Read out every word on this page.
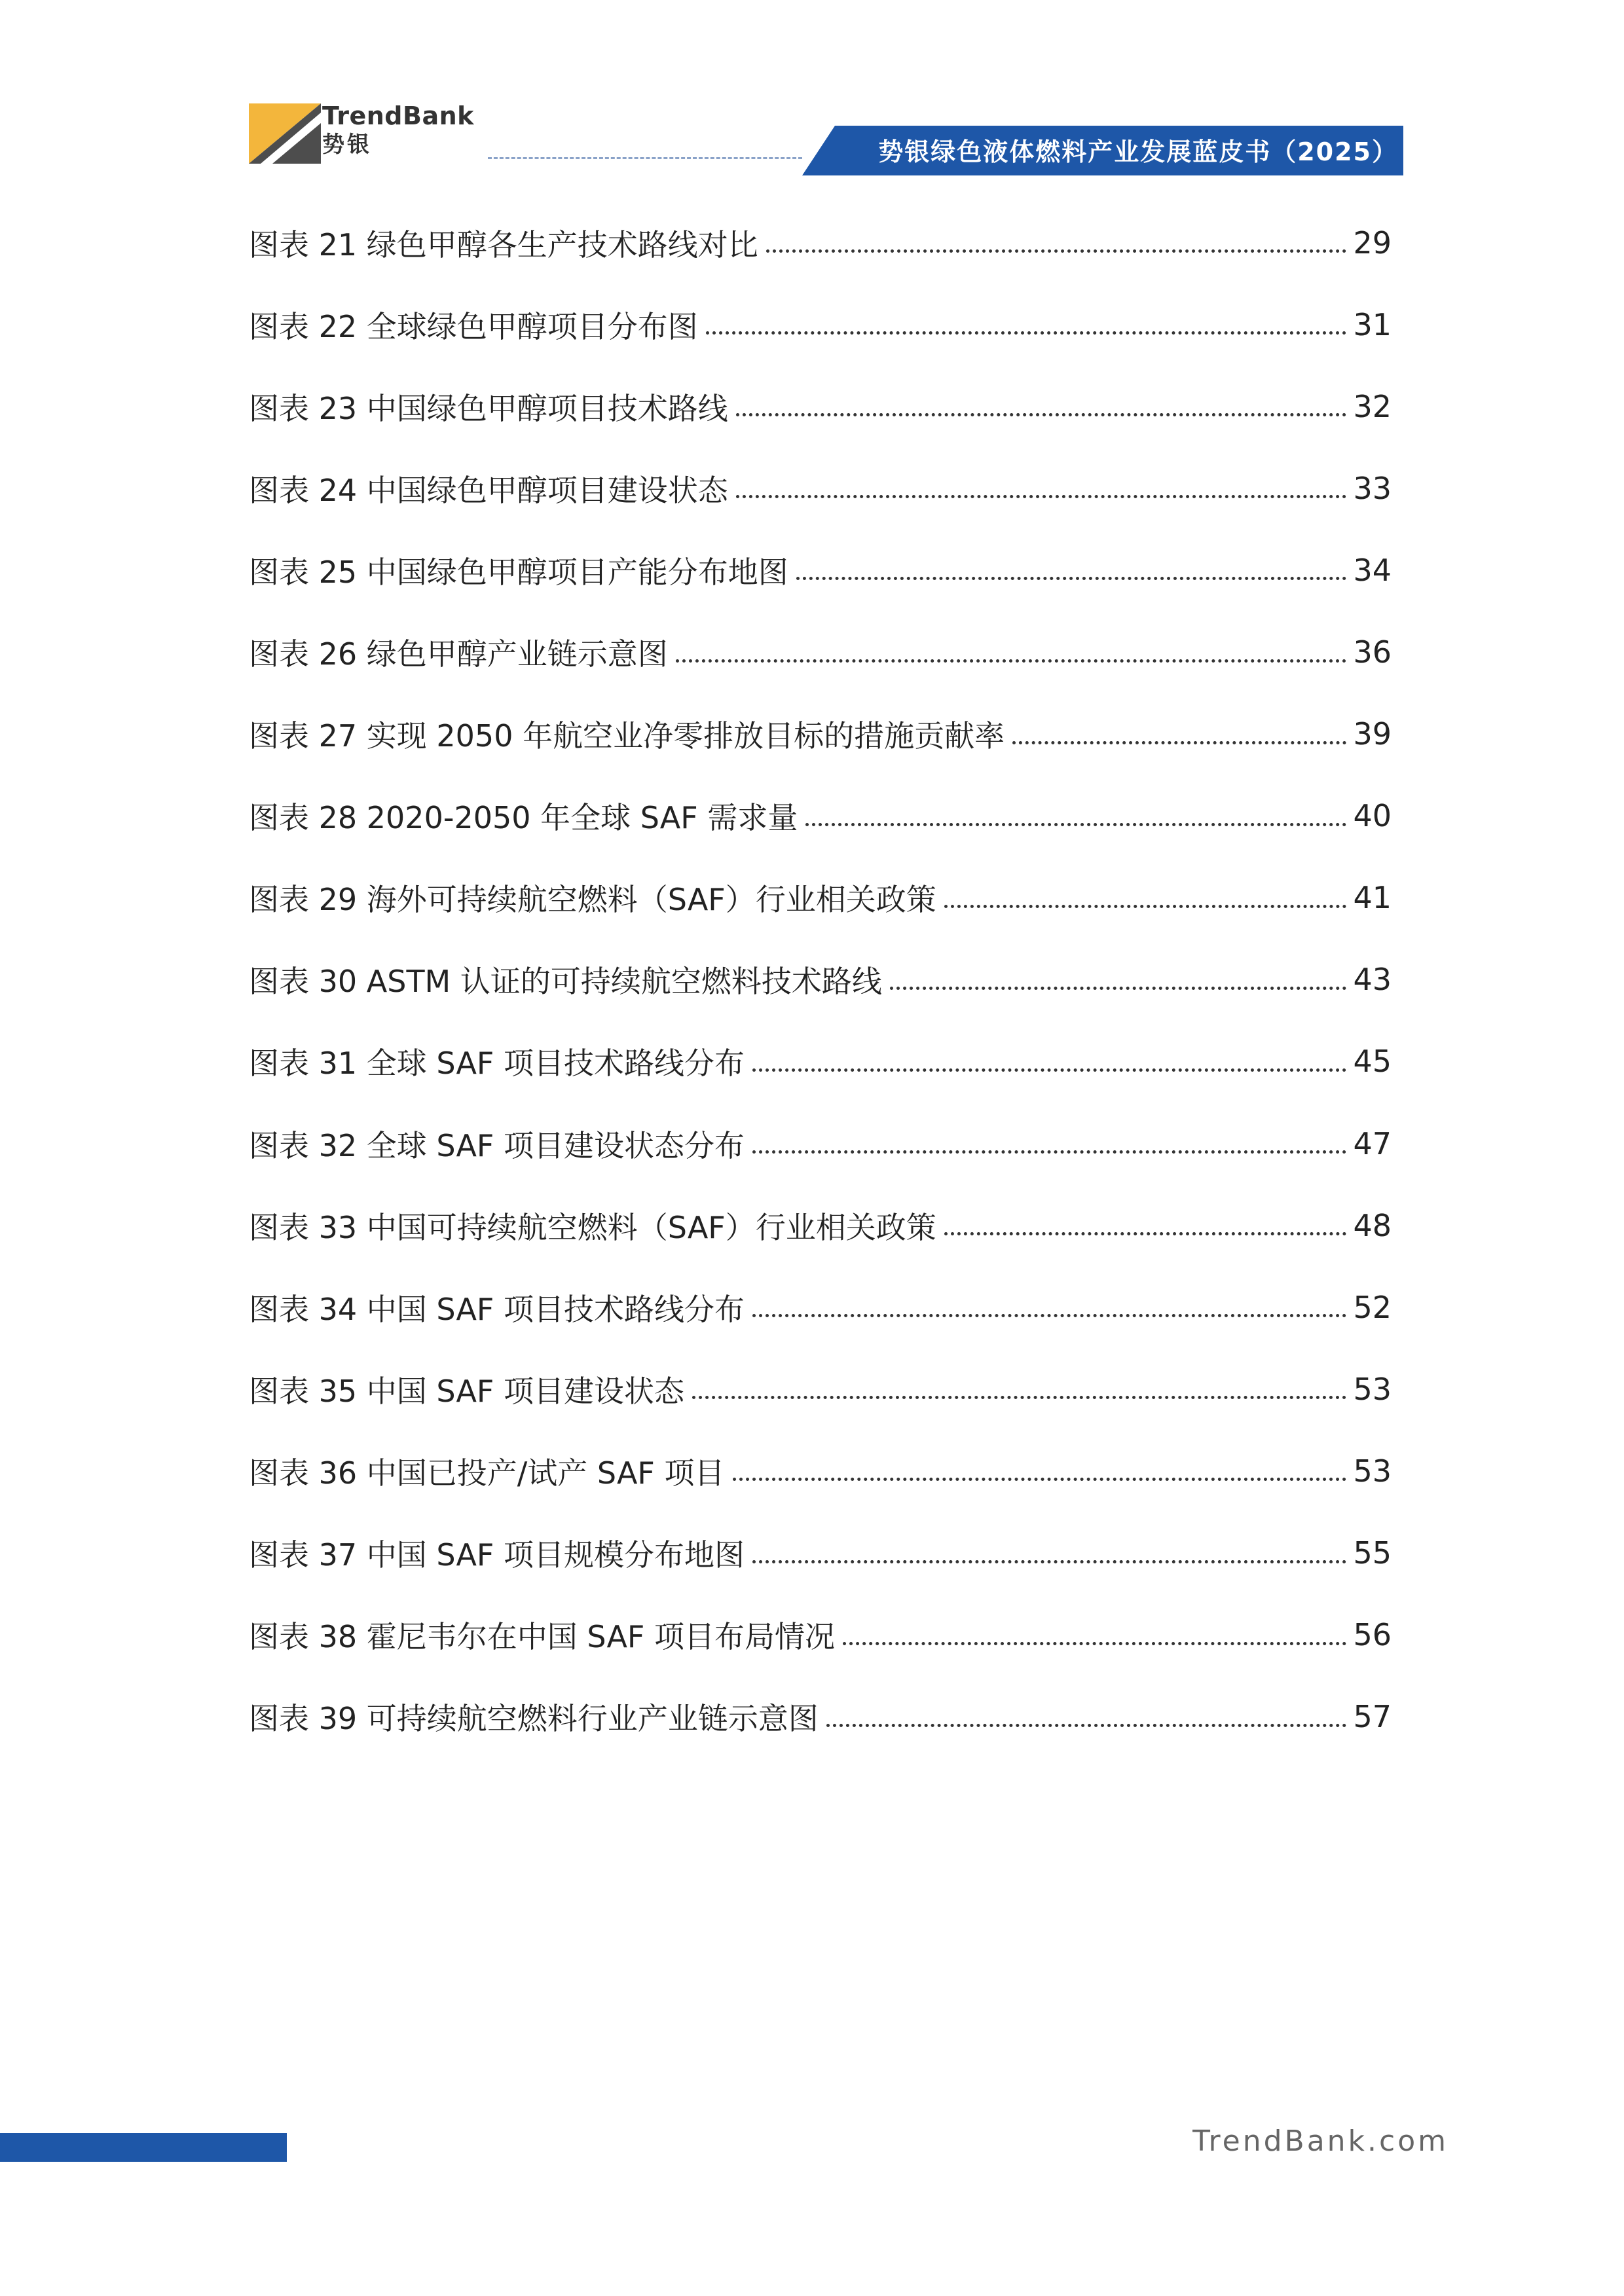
TrendBank
势银	势银绿色液体燃料产业发展蓝皮书（2025）
图表 21 绿色甲醇各生产技术路线对比	29
图表 22 全球绿色甲醇项目分布图	31
图表 23 中国绿色甲醇项目技术路线	32
图表 24 中国绿色甲醇项目建设状态	33
图表 25 中国绿色甲醇项目产能分布地图	34
图表 26 绿色甲醇产业链示意图	36
图表 27 实现 2050 年航空业净零排放目标的措施贡献率	39
图表 28 2020-2050 年全球 SAF 需求量	40
图表 29 海外可持续航空燃料（SAF）行业相关政策	41
图表 30 ASTM 认证的可持续航空燃料技术路线	43
图表 31 全球 SAF 项目技术路线分布	45
图表 32 全球 SAF 项目建设状态分布	47
图表 33 中国可持续航空燃料（SAF）行业相关政策	48
图表 34 中国 SAF 项目技术路线分布	52
图表 35 中国 SAF 项目建设状态	53
图表 36 中国已投产/试产 SAF 项目	53
图表 37 中国 SAF 项目规模分布地图	55
图表 38 霍尼韦尔在中国 SAF 项目布局情况	56
图表 39 可持续航空燃料行业产业链示意图	57
TrendBank.com
